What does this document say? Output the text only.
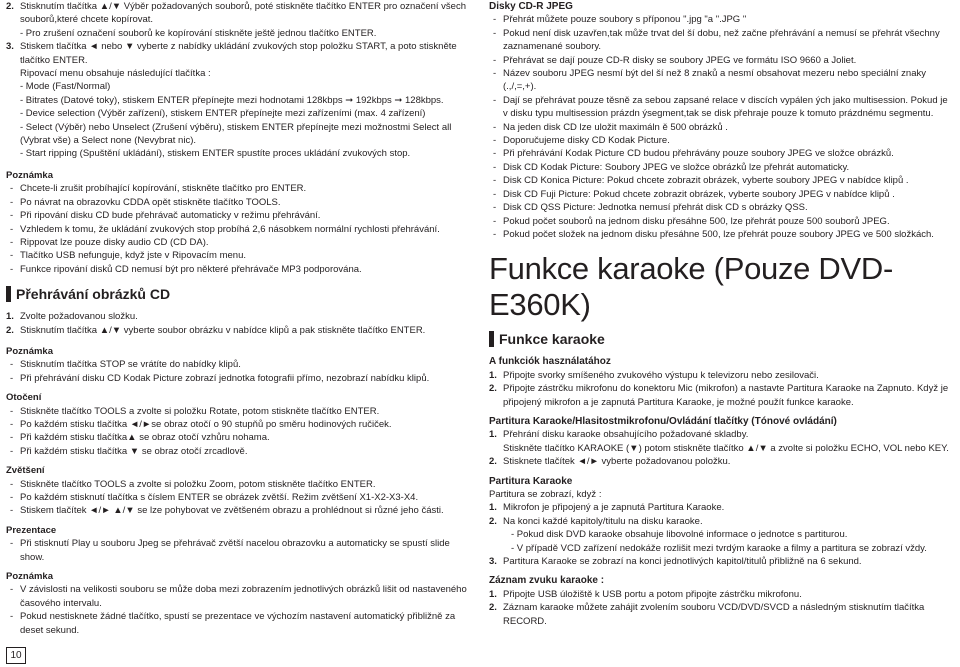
2. Stisknutím tlačítka ▲/▼ Výběr požadovaných souborů, poté stiskněte tlačítko ENTER pro označení všech souborů,které chcete kopírovat.
- Pro zrušení označení souborů ke kopírování stiskněte ještě jednou tlačítko ENTER.
3. Stiskem tlačítka ◄ nebo ▼ vyberte z nabídky ukládání zvukových stop položku START, a poto stiskněte tlačítko ENTER.

Ripovací menu obsahuje následující tlačítka :

- Mode (Fast/Normal)

- Bitrates (Datové toky), stiskem ENTER přepínejte mezi hodnotami 128kbps ➞ 192kbps ➞ 128kbps.

- Device selection (Výběr zařízení), stiskem ENTER přepínejte mezi zařízeními (max. 4 zařízení)

- Select (Výběr) nebo Unselect (Zrušení výběru), stiskem ENTER přepínejte mezi možnostmi Select all (Vybrat vše) a Select none (Nevybrat nic).

- Start ripping (Spuštění ukládání), stiskem ENTER spustíte proces ukládání zvukových stop.

Poznámka

- Chcete-li zrušit probíhající kopírování, stiskněte tlačítko pro ENTER.
- Po návrat na obrazovku CDDA opět stiskněte tlačítko TOOLS.
- Při ripování disku CD bude přehrávač automaticky v režimu přehrávání.
- Vzhledem k tomu, že ukládání zvukových stop probíhá 2,6 násobkem normální rychlosti přehrávání.
- Rippovat lze pouze disky audio CD (CD DA).
- Tlačítko USB nefunguje, když jste v Ripovacím menu.
- Funkce ripování disků CD nemusí být pro některé přehrávače MP3 podporována.
Přehrávání obrázků CD
1. Zvolte požadovanou složku.
2. Stisknutím tlačítka ▲/▼ vyberte soubor obrázku v nabídce klipů a pak stiskněte tlačítko ENTER.

Poznámka

- Stisknutím tlačítka STOP se vrátíte do nabídky klipů.
- Při přehrávání disku CD Kodak Picture zobrazí jednotka fotografii přímo, nezobrazí nabídku klipů.

Otočení

- Stiskněte tlačítko TOOLS a zvolte si položku Rotate, potom stiskněte tlačítko ENTER.
- Po každém stisku tlačítka ◄/►se obraz otočí o 90 stupňů po směru hodinových ručiček.
- Při každém stisku tlačítka▲ se obraz otočí vzhůru nohama.
- Při každém stisku tlačítka ▼ se obraz otočí zrcadlově.

Zvětšení

- Stiskněte tlačítko TOOLS a zvolte si položku Zoom, potom stiskněte tlačítko ENTER.
- Po každém stisknutí tlačítka s číslem ENTER se obrázek zvětší. Režim zvětšení X1-X2-X3-X4.
- Stiskem tlačítek ◄/► ▲/▼ se lze pohybovat ve zvětšeném obrazu a prohlédnout si různé jeho části.

Prezentace

- Při stisknutí Play u souboru Jpeg se přehrávač zvětší nacelou obrazovku a automaticky se spustí slide show.

Poznámka

- V závislosti na velikosti souboru se může doba mezi zobrazením jednotlivých obrázků lišit od nastaveného časového intervalu.
- Pokud nestisknete žádné tlačítko, spustí se prezentace ve výchozím nastavení automatický přibližně za deset sekund.
10

Disky CD-R JPEG

- Přehrát můžete pouze soubory s příponou ".jpg "a ".JPG "
- Pokud není disk uzavřen,tak může trvat del ší dobu, než začne přehrávání a nemusí se přehrát všechny zaznamenané soubory.
- Přehrávat se dají pouze CD-R disky se soubory JPEG ve formátu ISO 9660 a Joliet.
- Název souboru JPEG nesmí být del ší než 8 znaků a nesmí obsahovat mezeru nebo speciální znaky (.,/,=,+).
- Dají se přehrávat pouze těsně za sebou zapsané relace v discích vypálen ých jako multisession. Pokud je v disku typu multisession prázdn ýsegment,tak se disk přehraje pouze k tomuto prázdnému segmentu.
- Na jeden disk CD lze uložit maximáln ě 500 obrázků .
- Doporučujeme disky CD Kodak Picture.
- Při přehrávání Kodak Picture CD budou přehrávány pouze soubory JPEG ve složce obrázků.
- Disk CD Kodak Picture: Soubory JPEG ve složce obrázků lze přehrát automaticky.
- Disk CD Konica Picture: Pokud chcete zobrazit obrázek, vyberte soubory JPEG v nabídce klipů .
- Disk CD Fuji Picture: Pokud chcete zobrazit obrázek, vyberte soubory JPEG v nabídce klipů .
- Disk CD QSS Picture: Jednotka nemusí přehrát disk CD s obrázky QSS.
- Pokud počet souborů na jednom disku přesáhne 500, lze přehrát pouze 500 souborů JPEG.
- Pokud počet složek na jednom disku přesáhne 500, lze přehrát pouze soubory JPEG ve 500 složkách.

Funkce karaoke (Pouze DVD-E360K)

Funkce karaoke

A funkciók használatához

1. Připojte svorky smíšeného zvukového výstupu k televizoru nebo zesilovači.
2. Připojte zástrčku mikrofonu do konektoru Mic (mikrofon) a nastavte Partitura Karaoke na Zapnuto. Když je připojený mikrofon a je zapnutá Partitura Karaoke, je možné použít funkce karaoke.

Partitura Karaoke/Hlasitostmikrofonu/Ovládání tlačítky (Tónové ovládání)

1. Přehrání disku karaoke obsahujícího požadované skladby.
Stiskněte tlačítko KARAOKE (▼) potom stiskněte tlačítko ▲/▼ a zvolte si položku ECHO, VOL nebo KEY.
2. Stisknete tlačítek ◄/► vyberte požadovanou položku.

Partitura Karaoke

Partitura se zobrazí, když :
1. Mikrofon je připojený a je zapnutá Partitura Karaoke.
2. Na konci každé kapitoly/titulu na disku karaoke.
- Pokud disk DVD karaoke obsahuje libovolné informace o jednotce s partiturou.
- V případě VCD zařízení nedokáže rozlišit mezi tvrdým karaoke a filmy a partitura se zobrazí vždy.
3. Partitura Karaoke se zobrazí na konci jednotlivých kapitol/titulů přibližně na 6 sekund.

Záznam zvuku karaoke :

1. Připojte USB úložiště k USB portu a potom připojte zástrčku mikrofonu.
2. Záznam karaoke můžete zahájit zvolením souboru VCD/DVD/SVCD a následným stisknutím tlačítka RECORD.
